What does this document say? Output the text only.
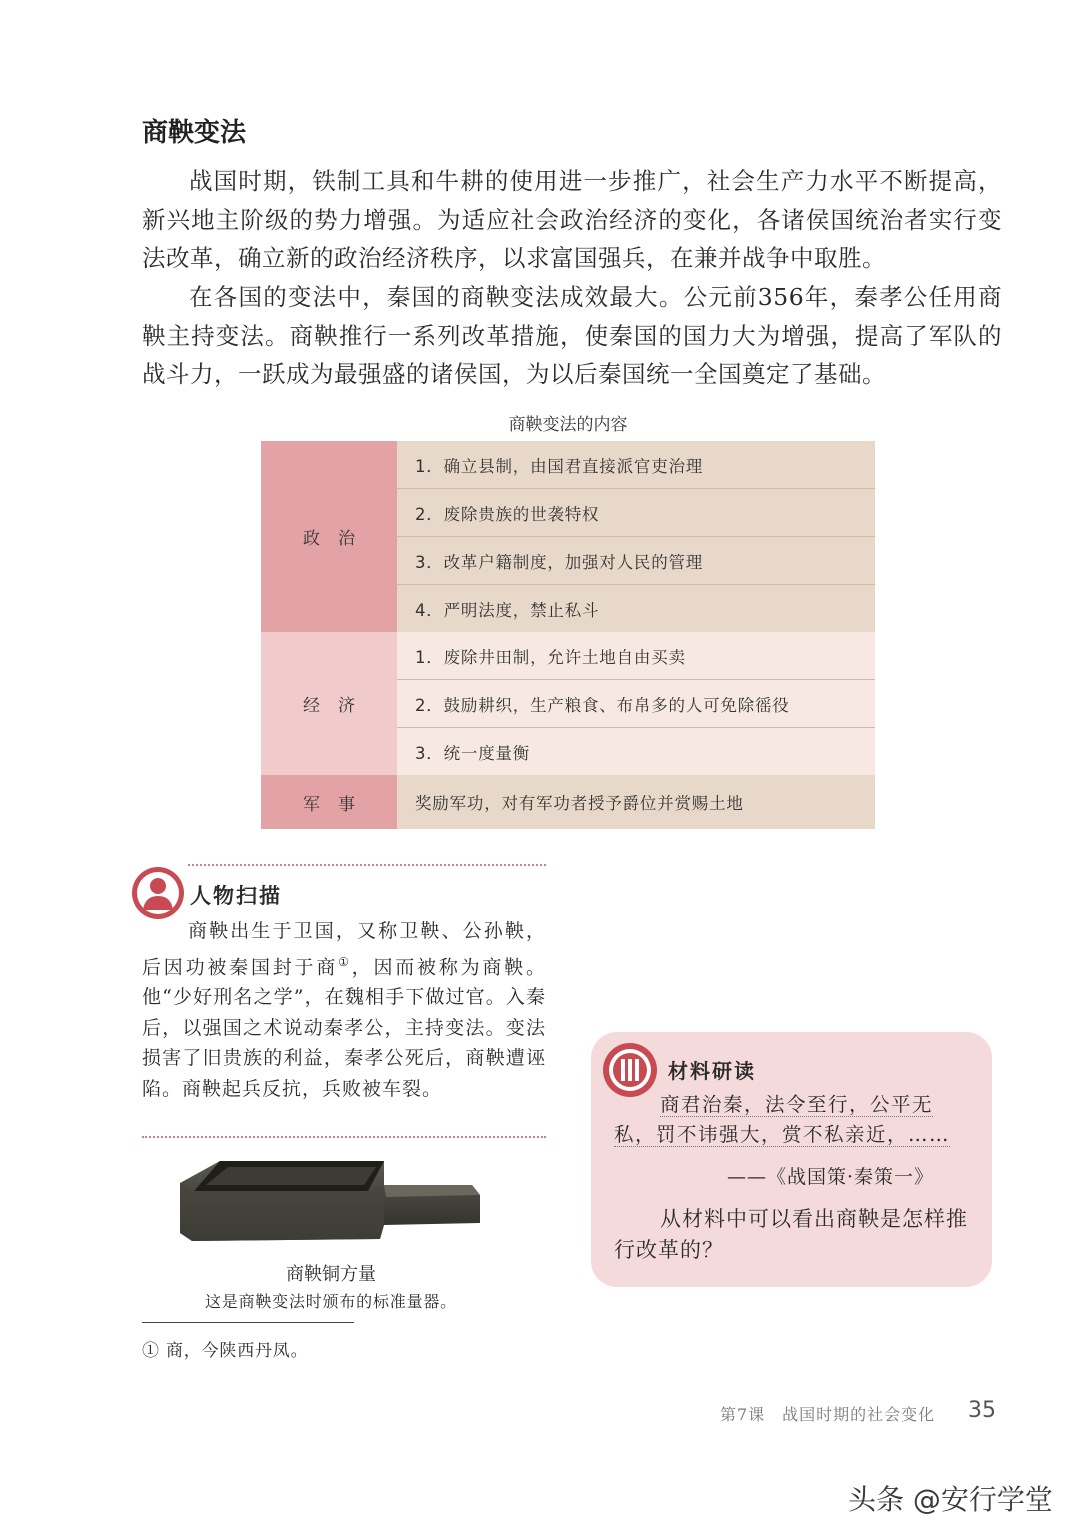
商鞅变法

战国时期，铁制工具和牛耕的使用进一步推广，社会生产力水平不断提高，新兴地主阶级的势力增强。为适应社会政治经济的变化，各诸侯国统治者实行变法改革，确立新的政治经济秩序，以求富国强兵，在兼并战争中取胜。

在各国的变法中，秦国的商鞅变法成效最大。公元前356年，秦孝公任用商鞅主持变法。商鞅推行一系列改革措施，使秦国的国力大为增强，提高了军队的战斗力，一跃成为最强盛的诸侯国，为以后秦国统一全国奠定了基础。

商鞅变法的内容
政治	1．确立县制，由国君直接派官吏治理
	2．废除贵族的世袭特权
	3．改革户籍制度，加强对人民的管理
	4．严明法度，禁止私斗
经济	1．废除井田制，允许土地自由买卖
	2．鼓励耕织，生产粮食、布帛多的人可免除徭役
	3．统一度量衡
军事	奖励军功，对有军功者授予爵位并赏赐土地
人物扫描
商鞅出生于卫国，又称卫鞅、公孙鞅，后因功被秦国封于商①，因而被称为商鞅。他“少好刑名之学”，在魏相手下做过官。入秦后，以强国之术说动秦孝公，主持变法。变法损害了旧贵族的利益，秦孝公死后，商鞅遭诬陷。商鞅起兵反抗，兵败被车裂。
商鞅铜方量
这是商鞅变法时颁布的标准量器。
① 商，今陕西丹凤。
材料研读
商君治秦，法令至行，公平无私，罚不讳强大，赏不私亲近，……
——《战国策·秦策一》
从材料中可以看出商鞅是怎样推行改革的？
第7课　战国时期的社会变化 35
头条 @安行学堂
